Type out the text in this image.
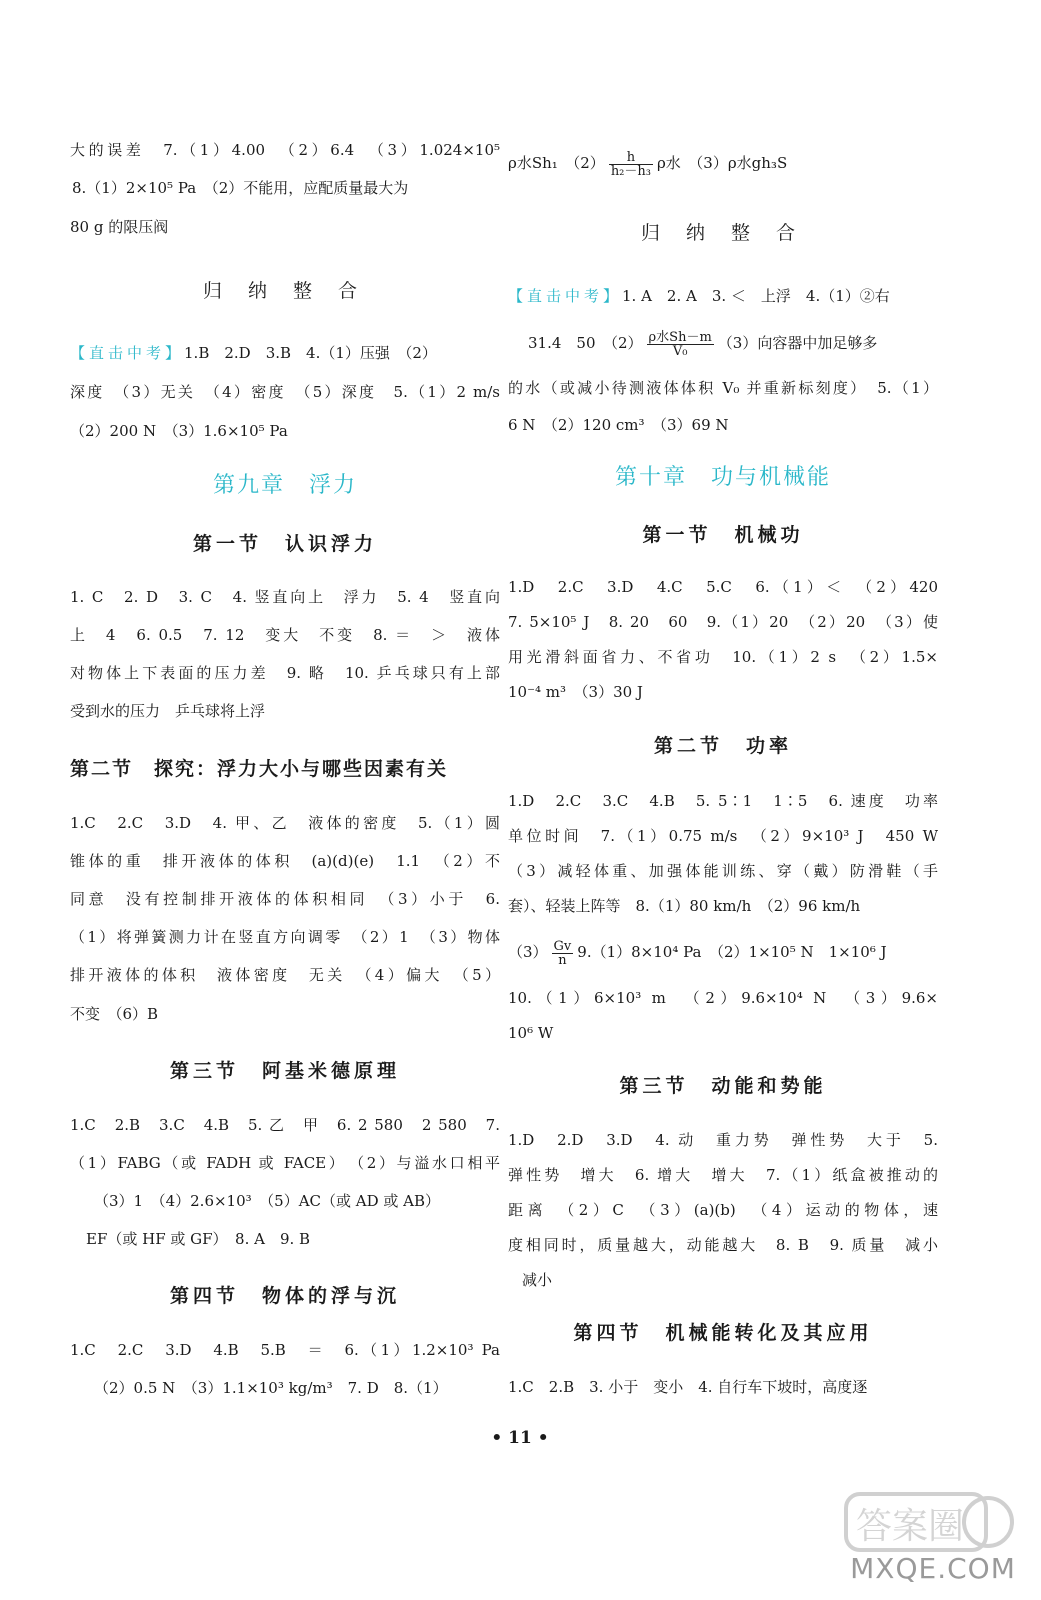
大的误差　7.（1）4.00　（2）6.4　（3）1.024×10⁵
8.（1）2×10⁵ Pa　（2）不能用，应配质量最大为
80 g 的限压阀
归 纳 整 合
【直击中考】1.B　2.D　3.B　4.（1）压强　（2）
深度　（3）无关　（4）密度　（5）深度　5.（1）2 m/s
（2）200 N　（3）1.6×10⁵ Pa
第九章　浮力
第一节　认识浮力
1. C　2. D　3. C　4. 竖直向上　浮力　5. 4　竖直向
上　4　6. 0.5　7. 12　变大　不变　8. ＝　＞　液体
对物体上下表面的压力差　9. 略　10. 乒乓球只有上部
受到水的压力　乒乓球将上浮
第二节　探究：浮力大小与哪些因素有关
1.C　2.C　3.D　4. 甲、乙　液体的密度　5.（1）圆
锥体的重　排开液体的体积　(a)(d)(e)　1.1　（2）不
同意　没有控制排开液体的体积相同　（3）小于　6.
（1）将弹簧测力计在竖直方向调零　（2）1　（3）物体
排开液体的体积　液体密度　无关　（4）偏大　（5）
不变　（6）B
第三节　阿基米德原理
1.C　2.B　3.C　4.B　5. 乙　甲　6. 2 580　2 580　7.
（1）FABG（或 FADH 或 FACE）　（2）与溢水口相平
（3）1　（4）2.6×10³　（5）AC（或 AD 或 AB）
EF（或 HF 或 GF）　8. A　9. B
第四节　物体的浮与沉
1.C　2.C　3.D　4.B　5.B　＝　6.（1）1.2×10³ Pa
（2）0.5 N　（3）1.1×10³ kg/m³　7. D　8.（1）
ρ水Sh₁　$(2) \frac{h}{\text{h₂－h₃}}$ ρ水　（3）ρ水gh₃S
归 纳 整 合
【直击中考】1. A　2. A　3. ＜　上浮　4.（1）②右
31.4　50　$(2) \frac{\text{ρ水Sh－m}}{\text{V₀}} (3)$向容器中加足够多
的水（或减小待测液体体积 V₀ 并重新标刻度）　5.（1）
6 N　（2）120 cm³　（3）69 N
第十章　功与机械能
第一节　机械功
1.D　2.C　3.D　4.C　5.C　6.（1）＜　（2）420
7. 5×10⁵ J　8. 20　60　9.（1）20　（2）20　（3）使
用光滑斜面省力、不省功　10.（1）2 s　（2）1.5×
10⁻⁴ m³　（3）30 J
第二节　功率
1.D　2.C　3.C　4.B　5. 5∶1　1∶5　6. 速度　功率
单位时间　7.（1）0.75 m/s　（2）9×10³ J　450 W
（3）减轻体重、加强体能训练、穿（戴）防滑鞋（手
套）、轻装上阵等　8.（1）80 km/h　（2）96 km/h
$(3) \frac{Gv}{n} 9.(1)8\times 10^4$ Pa　（2）1×10⁵ N　1×10⁶ J
10.（1）6×10³ m　（2）9.6×10⁴ N　（3）9.6×
10⁶ W
第三节　动能和势能
1.D　2.D　3.D　4. 动　重力势　弹性势　大于　5.
弹性势　增大　6. 增大　增大　7.（1）纸盒被推动的
距离　（2）C　（3）(a)(b)　（4）运动的物体，速
度相同时，质量越大，动能越大　8. B　9. 质量　减小
减小
第四节　机械能转化及其应用
1.C　2.B　3. 小于　变小　4. 自行车下坡时，高度逐
• 11 •
答案圈
MXQE.COM
